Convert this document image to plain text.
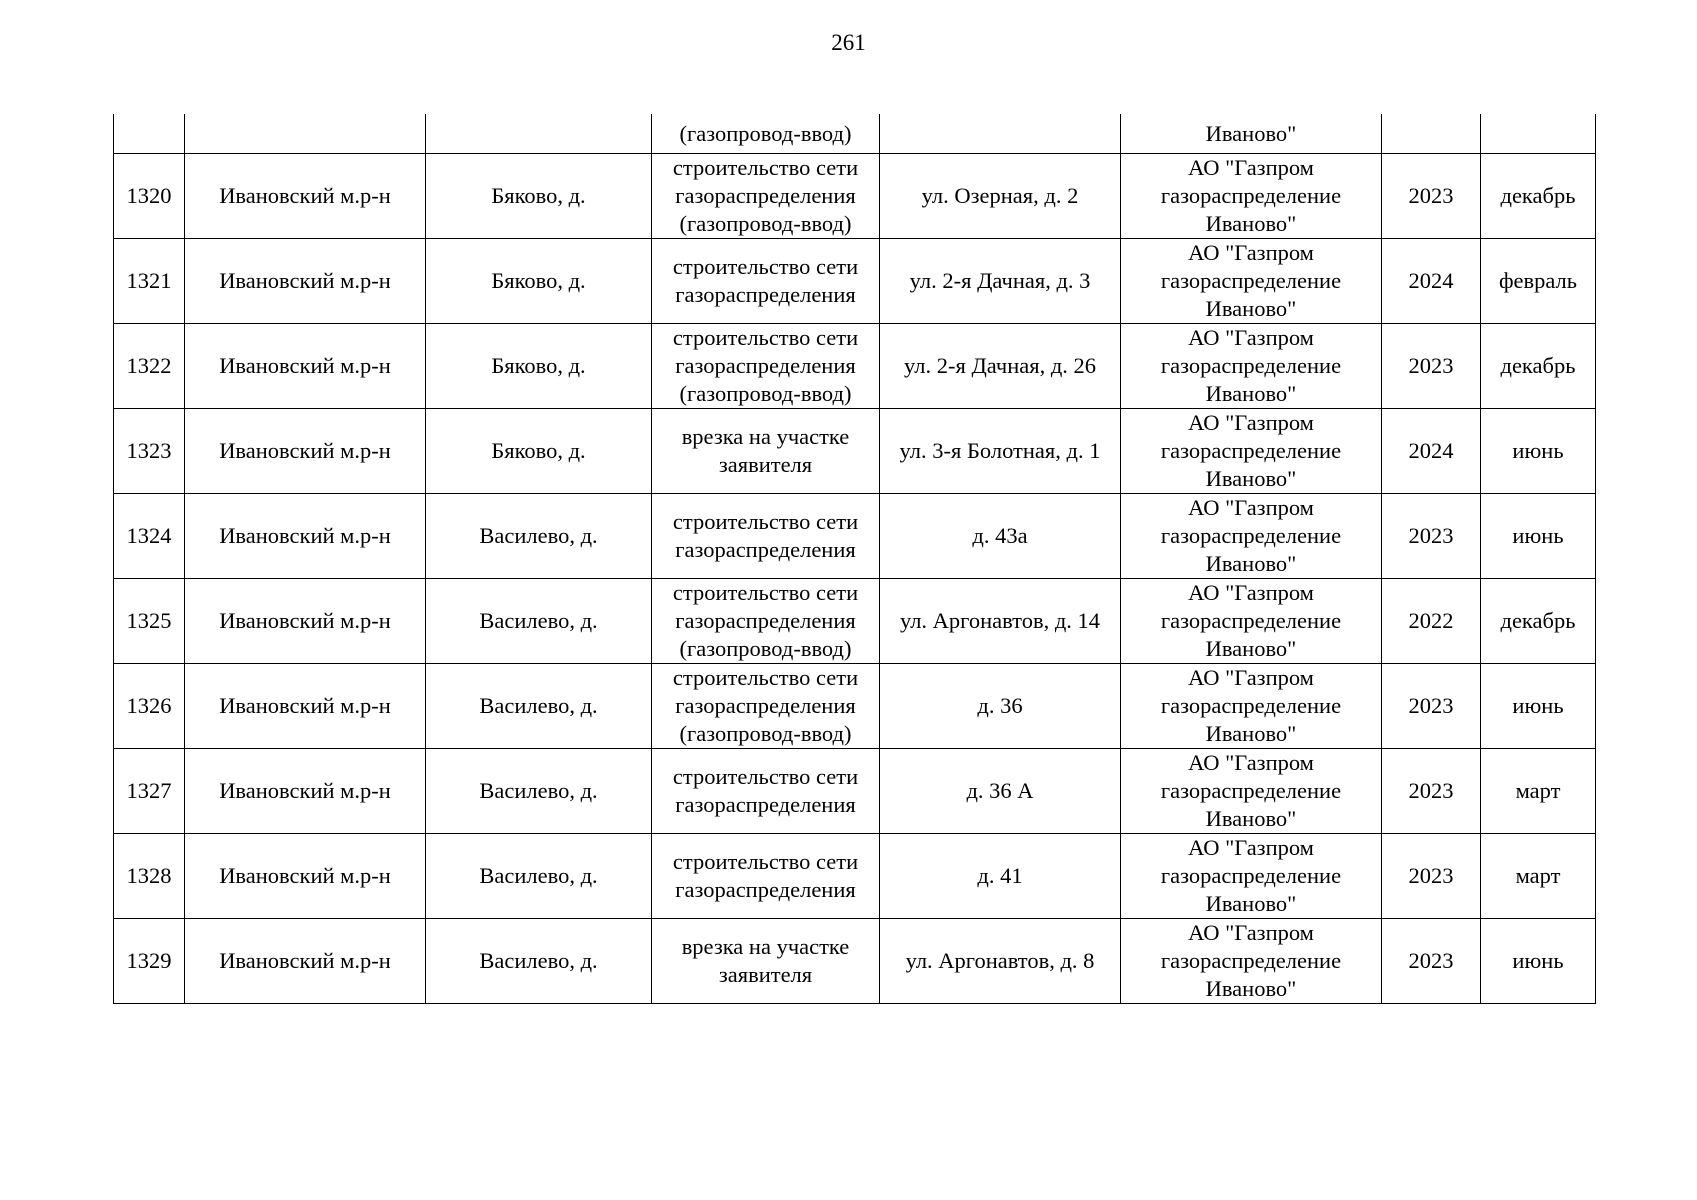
261

			(газопровод-ввод)		Иваново"		

1320	Ивановский м.р-н	Бяково, д.	строительство сети
газораспределения
(газопровод-ввод)	ул. Озерная, д. 2	АО "Газпром
газораспределение
Иваново"	2023	декабрь
1321	Ивановский м.р-н	Бяково, д.	строительство сети
газораспределения	ул. 2-я Дачная, д. 3	АО "Газпром
газораспределение
Иваново"	2024	февраль
1322	Ивановский м.р-н	Бяково, д.	строительство сети
газораспределения
(газопровод-ввод)	ул. 2-я Дачная, д. 26	АО "Газпром
газораспределение
Иваново"	2023	декабрь
1323	Ивановский м.р-н	Бяково, д.	врезка на участке
заявителя	ул. 3-я Болотная, д. 1	АО "Газпром
газораспределение
Иваново"	2024	июнь
1324	Ивановский м.р-н	Василево, д.	строительство сети
газораспределения	д. 43а	АО "Газпром
газораспределение
Иваново"	2023	июнь
1325	Ивановский м.р-н	Василево, д.	строительство сети
газораспределения
(газопровод-ввод)	ул. Аргонавтов, д. 14	АО "Газпром
газораспределение
Иваново"	2022	декабрь
1326	Ивановский м.р-н	Василево, д.	строительство сети
газораспределения
(газопровод-ввод)	д. 36	АО "Газпром
газораспределение
Иваново"	2023	июнь
1327	Ивановский м.р-н	Василево, д.	строительство сети
газораспределения	д. 36 А	АО "Газпром
газораспределение
Иваново"	2023	март
1328	Ивановский м.р-н	Василево, д.	строительство сети
газораспределения	д. 41	АО "Газпром
газораспределение
Иваново"	2023	март
1329	Ивановский м.р-н	Василево, д.	врезка на участке
заявителя	ул. Аргонавтов, д. 8	АО "Газпром
газораспределение
Иваново"	2023	июнь
